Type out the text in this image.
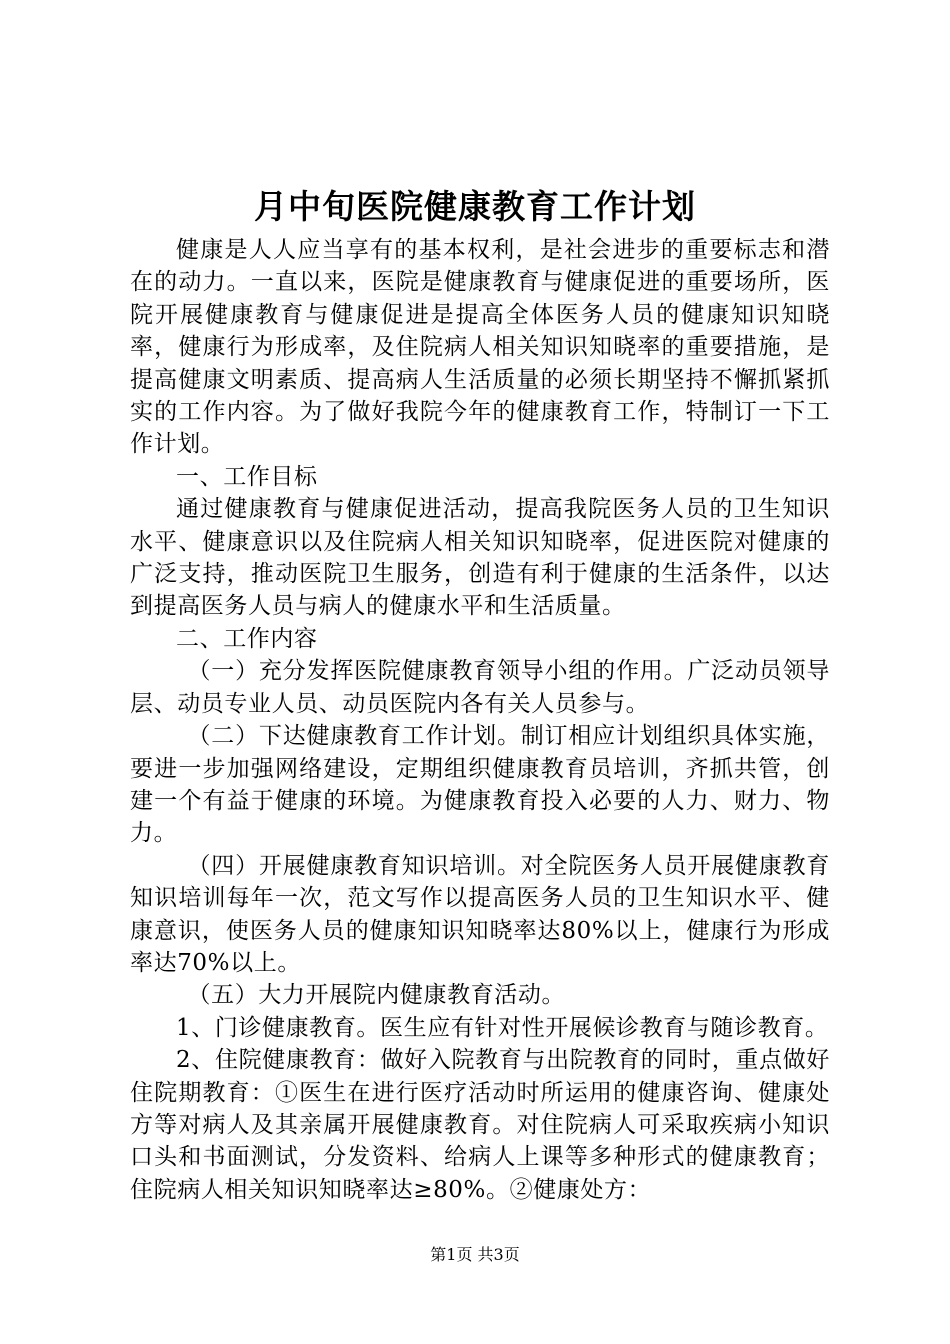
月中旬医院健康教育工作计划

健康是人人应当享有的基本权利，是社会进步的重要标志和潜在的动力。一直以来，医院是健康教育与健康促进的重要场所，医院开展健康教育与健康促进是提高全体医务人员的健康知识知晓率，健康行为形成率，及住院病人相关知识知晓率的重要措施，是提高健康文明素质、提高病人生活质量的必须长期坚持不懈抓紧抓实的工作内容。为了做好我院今年的健康教育工作，特制订一下工作计划。

一、工作目标

通过健康教育与健康促进活动，提高我院医务人员的卫生知识水平、健康意识以及住院病人相关知识知晓率，促进医院对健康的广泛支持，推动医院卫生服务，创造有利于健康的生活条件，以达到提高医务人员与病人的健康水平和生活质量。

二、工作内容

（一）充分发挥医院健康教育领导小组的作用。广泛动员领导层、动员专业人员、动员医院内各有关人员参与。

（二）下达健康教育工作计划。制订相应计划组织具体实施，要进一步加强网络建设，定期组织健康教育员培训，齐抓共管，创建一个有益于健康的环境。为健康教育投入必要的人力、财力、物力。

（四）开展健康教育知识培训。对全院医务人员开展健康教育知识培训每年一次，范文写作以提高医务人员的卫生知识水平、健康意识，使医务人员的健康知识知晓率达80%以上，健康行为形成率达70%以上。

（五）大力开展院内健康教育活动。

1、门诊健康教育。医生应有针对性开展候诊教育与随诊教育。

2、住院健康教育：做好入院教育与出院教育的同时，重点做好住院期教育：①医生在进行医疗活动时所运用的健康咨询、健康处方等对病人及其亲属开展健康教育。对住院病人可采取疾病小知识口头和书面测试，分发资料、给病人上课等多种形式的健康教育；住院病人相关知识知晓率达≥80%。②健康处方：

第1页 共3页
